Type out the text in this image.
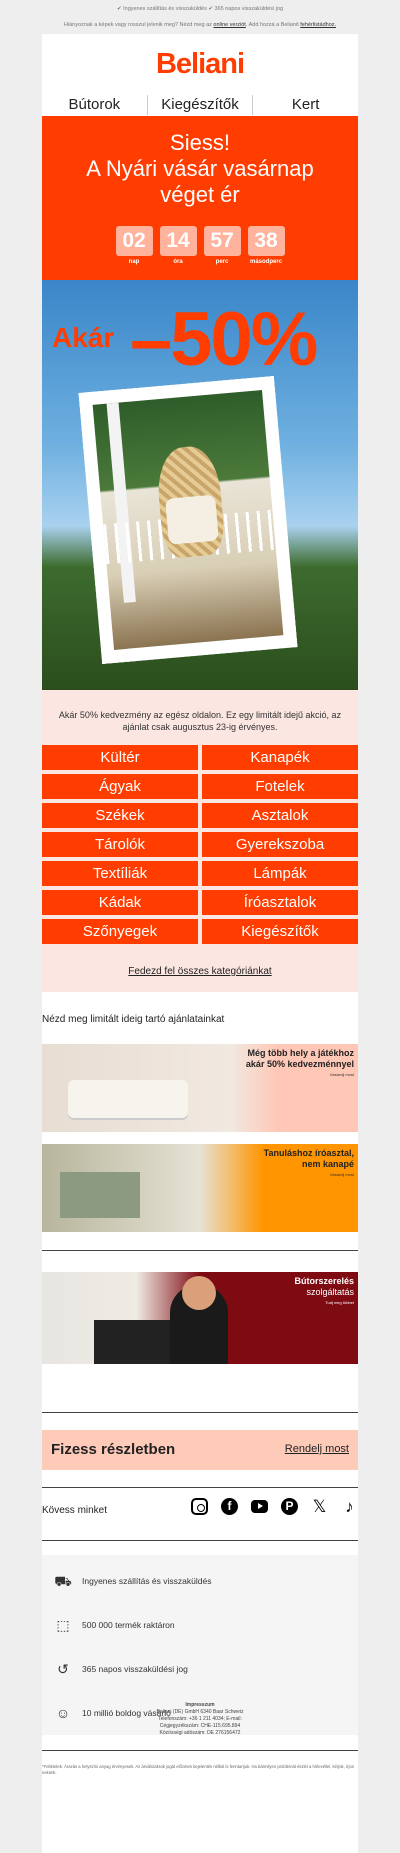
✔ Ingyenes szállítás és visszaküldés ✔ 365 napos visszaküldési jog
Hiányoznak a képek vagy rosszul jelenik meg? Nézd meg az online verziót. Add hozzá a Belianit fehérlistádhoz.
Beliani
Bútorok	Kiegészítők	Kert
Siess!
A Nyári vásár vasárnap
véget ér
02
nap
14
óra
57
perc
38
másodperc
Akár –50%

Akár 50% kedvezmény az egész oldalon. Ez egy limitált idejű akció, az ajánlat csak augusztus 23-ig érvényes.

Kültér	Kanapék
Ágyak	Fotelek
Székek	Asztalok
Tárolók	Gyerekszoba
Textíliák	Lámpák
Kádak	Íróasztalok
Szőnyegek	Kiegészítők
Fedezd fel összes kategóriánkat
Nézd meg limitált ideig tartó ajánlatainkat
Még több hely a játékhoz
akár 50% kedvezménnyel
Vásárolj most
Tanuláshoz íróasztal,
nem kanapé
Vásárolj most
Bútorszerelés
szolgáltatás
Tudj meg többet
Fizess részletben	Rendelj most
Kövess minket	f	P 𝕏 ♪
⛟ Ingyenes szállítás és visszaküldés
⬚	500 000 termék raktáron
↺	365 napos visszaküldési jog
☺	10 millió boldog vásárló
*Feltételek: Árazás a helyszíni anyag érvényesek. Az árváltozások jogát előzetes bejelentés nélkül is fenntartjuk. Ha bármilyen problémát észlel a hírlevéllel, kérjük, írjon nekünk.
Impresszum
Beliani (DE) GmbH 6340 Baar Schweiz
Telefonszám: +36 1 211 4034; E-mail:
Cégjegyzékszám: CHE-115.695.894
Közösségi adószám: DE 276156472
